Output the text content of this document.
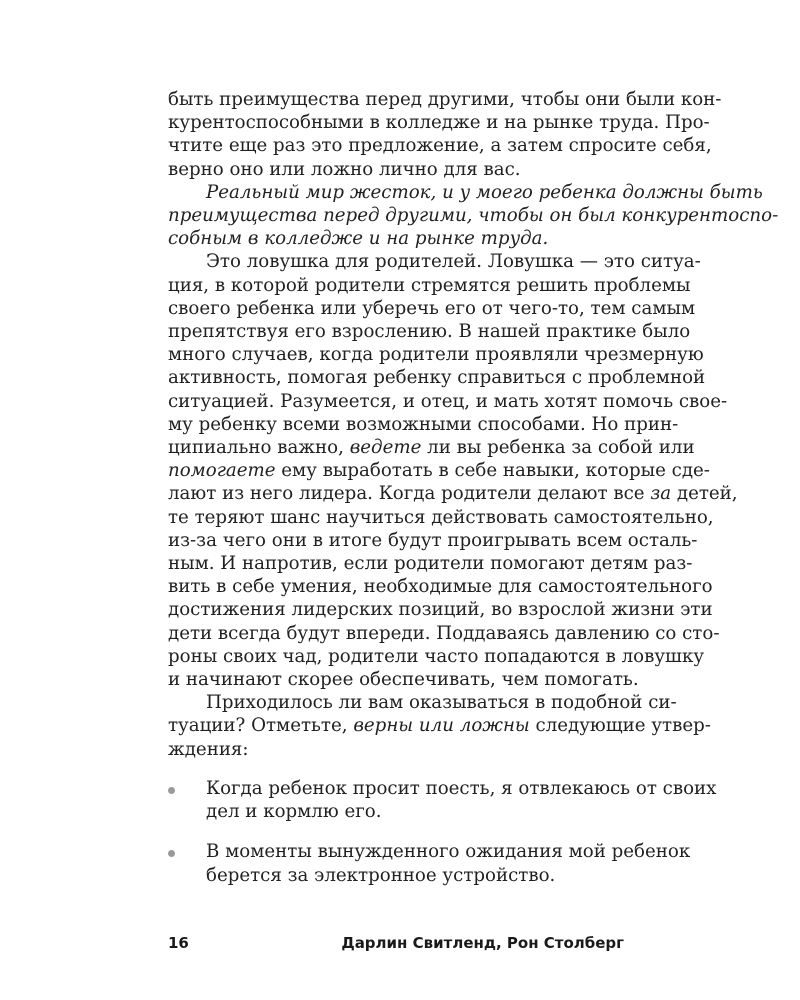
быть преимущества перед другими, чтобы они были кон-
курентоспособными в колледже и на рынке труда. Про-
чтите еще раз это предложение, а затем спросите себя,
верно оно или ложно лично для вас.

Реальный мир жесток, и у моего ребенка должны быть
преимущества перед другими, чтобы он был конкурентоспо-
собным в колледже и на рынке труда.

Это ловушка для родителей. Ловушка — это ситуа-
ция, в которой родители стремятся решить проблемы
своего ребенка или уберечь его от чего-то, тем самым
препятствуя его взрослению. В нашей практике было
много случаев, когда родители проявляли чрезмерную
активность, помогая ребенку справиться с проблемной
ситуацией. Разумеется, и отец, и мать хотят помочь свое-
му ребенку всеми возможными способами. Но прин-
ципиально важно, ведете ли вы ребенка за собой или
помогаете ему выработать в себе навыки, которые сде-
лают из него лидера. Когда родители делают все за детей,
те теряют шанс научиться действовать самостоятельно,
из-за чего они в итоге будут проигрывать всем осталь-
ным. И напротив, если родители помогают детям раз-
вить в себе умения, необходимые для самостоятельного
достижения лидерских позиций, во взрослой жизни эти
дети всегда будут впереди. Поддаваясь давлению со сто-
роны своих чад, родители часто попадаются в ловушку
и начинают скорее обеспечивать, чем помогать.

Приходилось ли вам оказываться в подобной си-
туации? Отметьте, верны или ложны следующие утвер-
ждения:

Когда ребенок просит поесть, я отвлекаюсь от своих
дел и кормлю его.
В моменты вынужденного ожидания мой ребенок
берется за электронное устройство.
16	Дарлин Свитленд, Рон Столберг
